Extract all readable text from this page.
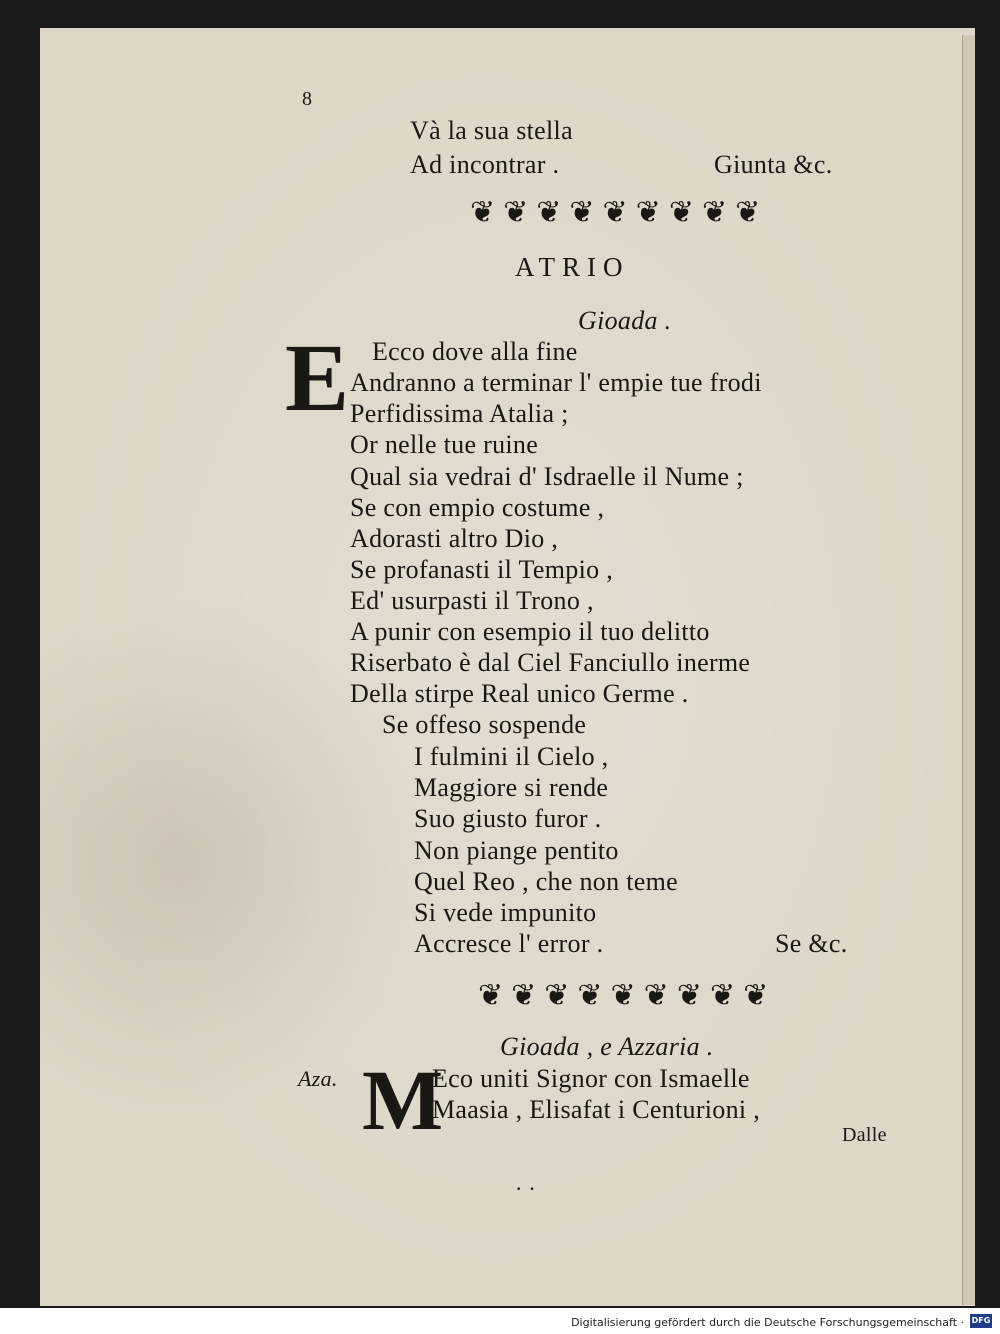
8
Và la sua stella
Ad incontrar .	Giunta &c.
❦❦❦❦❦❦❦❦❦
ATRIO
Gioada .
E Ecco dove alla fine
Andranno a terminar l' empie tue frodi
Perfidissima Atalia ;
Or nelle tue ruine
Qual sia vedrai d' Isdraelle il Nume ;
Se con empio costume ,
Adorasti altro Dio ,
Se profanasti il Tempio ,
Ed' usurpasti il Trono ,
A punir con esempio il tuo delitto
Riserbato è dal Ciel Fanciullo inerme
Della stirpe Real unico Germe .
Se offeso sospende
I fulmini il Cielo ,
Maggiore si rende
Suo giusto furor .
Non piange pentito
Quel Reo , che non teme
Si vede impunito
Accresce l' error .	Se &c.
❦❦❦❦❦❦❦❦❦
Gioada , e Azzaria .
Aza. M
Eco uniti Signor con Ismaelle
Maasia , Elisafat i Centurioni ,
Dalle
· ·
Digitalisierung gefördert durch die Deutsche Forschungsgemeinschaft · DFG
